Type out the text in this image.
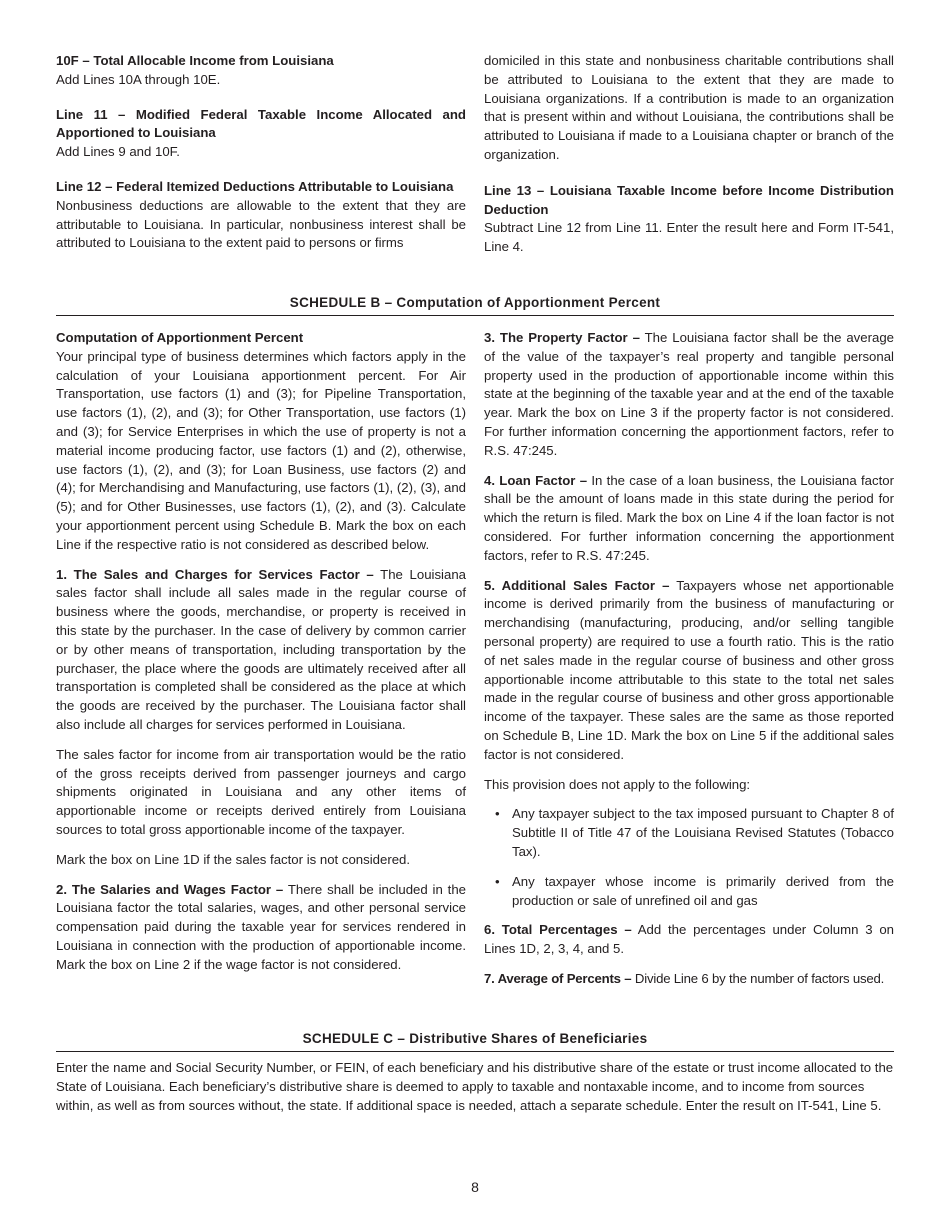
10F – Total Allocable Income from Louisiana
Add Lines 10A through 10E.
Line 11 – Modified Federal Taxable Income Allocated and Apportioned to Louisiana
Add Lines 9 and 10F.
Line 12 – Federal Itemized Deductions Attributable to Louisiana
Nonbusiness deductions are allowable to the extent that they are attributable to Louisiana. In particular, nonbusiness interest shall be attributed to Louisiana to the extent paid to persons or firms
domiciled in this state and nonbusiness charitable contributions shall be attributed to Louisiana to the extent that they are made to Louisiana organizations. If a contribution is made to an organization that is present within and without Louisiana, the contributions shall be attributed to Louisiana if made to a Louisiana chapter or branch of the organization.
Line 13 – Louisiana Taxable Income before Income Distribution Deduction
Subtract Line 12 from Line 11. Enter the result here and Form IT-541, Line 4.
SCHEDULE B – Computation of Apportionment Percent

Computation of Apportionment Percent
Your principal type of business determines which factors apply in the calculation of your Louisiana apportionment percent. For Air Transportation, use factors (1) and (3); for Pipeline Transportation, use factors (1), (2), and (3); for Other Transportation, use factors (1) and (3); for Service Enterprises in which the use of property is not a material income producing factor, use factors (1) and (2), otherwise, use factors (1), (2), and (3); for Loan Business, use factors (2) and (4); for Merchandising and Manufacturing, use factors (1), (2), (3), and (5); and for Other Businesses, use factors (1), (2), and (3). Calculate your apportionment percent using Schedule B. Mark the box on each Line if the respective ratio is not considered as described below.

1. The Sales and Charges for Services Factor – The Louisiana sales factor shall include all sales made in the regular course of business where the goods, merchandise, or property is received in this state by the purchaser. In the case of delivery by common carrier or by other means of transportation, including transportation by the purchaser, the place where the goods are ultimately received after all transportation is completed shall be considered as the place at which the goods are received by the purchaser. The Louisiana factor shall also include all charges for services performed in Louisiana.

The sales factor for income from air transportation would be the ratio of the gross receipts derived from passenger journeys and cargo shipments originated in Louisiana and any other items of apportionable income or receipts derived entirely from Louisiana sources to total gross apportionable income of the taxpayer.

Mark the box on Line 1D if the sales factor is not considered.

2. The Salaries and Wages Factor – There shall be included in the Louisiana factor the total salaries, wages, and other personal service compensation paid during the taxable year for services rendered in Louisiana in connection with the production of apportionable income. Mark the box on Line 2 if the wage factor is not considered.

3. The Property Factor – The Louisiana factor shall be the average of the value of the taxpayer’s real property and tangible personal property used in the production of apportionable income within this state at the beginning of the taxable year and at the end of the taxable year. Mark the box on Line 3 if the property factor is not considered. For further information concerning the apportionment factors, refer to R.S. 47:245.

4. Loan Factor – In the case of a loan business, the Louisiana factor shall be the amount of loans made in this state during the period for which the return is filed. Mark the box on Line 4 if the loan factor is not considered. For further information concerning the apportionment factors, refer to R.S. 47:245.

5. Additional Sales Factor – Taxpayers whose net apportionable income is derived primarily from the business of manufacturing or merchandising (manufacturing, producing, and/or selling tangible personal property) are required to use a fourth ratio. This is the ratio of net sales made in the regular course of business and other gross apportionable income attributable to this state to the total net sales made in the regular course of business and other gross apportionable income of the taxpayer. These sales are the same as those reported on Schedule B, Line 1D. Mark the box on Line 5 if the additional sales factor is not considered.

This provision does not apply to the following:

• Any taxpayer subject to the tax imposed pursuant to Chapter 8 of Subtitle II of Title 47 of the Louisiana Revised Statutes (Tobacco Tax).
• Any taxpayer whose income is primarily derived from the production or sale of unrefined oil and gas

6. Total Percentages – Add the percentages under Column 3 on Lines 1D, 2, 3, 4, and 5.

7. Average of Percents – Divide Line 6 by the number of factors used.

SCHEDULE C – Distributive Shares of Beneficiaries
Enter the name and Social Security Number, or FEIN, of each beneficiary and his distributive share of the estate or trust income allocated to the State of Louisiana. Each beneficiary’s distributive share is deemed to apply to taxable and nontaxable income, and to income from sources within, as well as from sources without, the state. If additional space is needed, attach a separate schedule. Enter the result on IT-541, Line 5.
8
